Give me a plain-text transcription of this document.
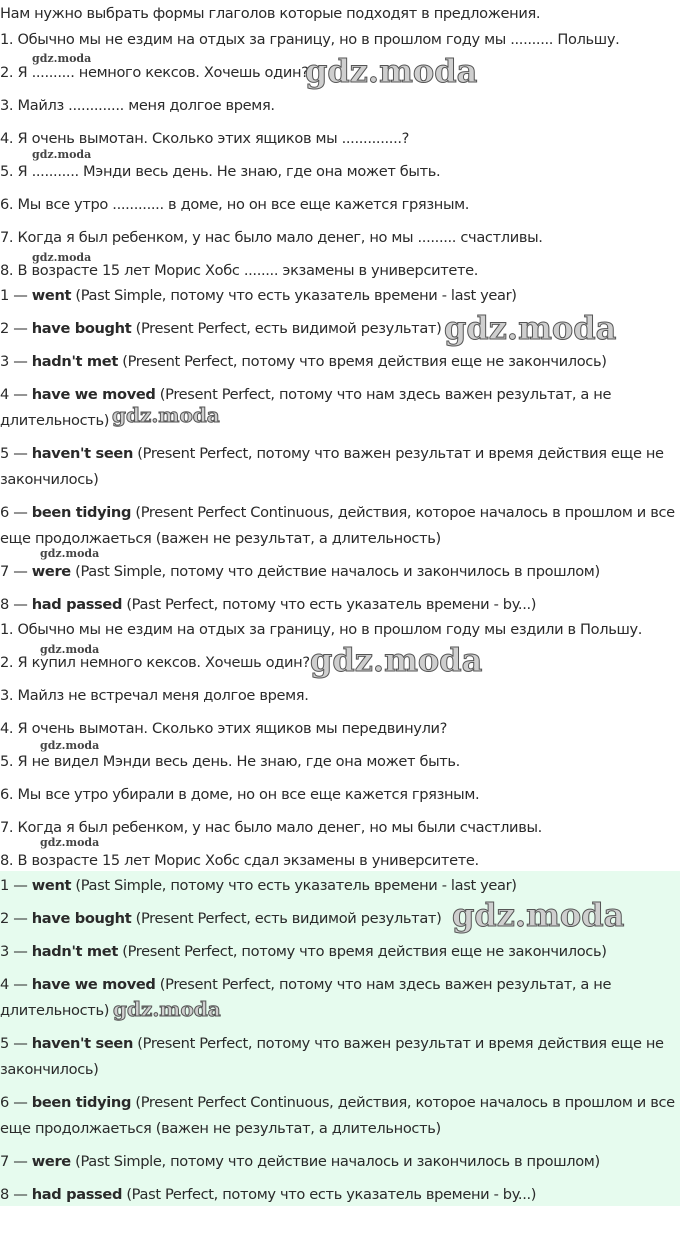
Нам нужно выбрать формы глаголов которые подходят в предложения.

1. Обычно мы не ездим на отдых за границу, но в прошлом году мы .......... Польшу.

2. Я .......... немного кексов. Хочешь один?

3. Майлз ............. меня долгое время.

4. Я очень вымотан. Сколько этих ящиков мы ..............?

5. Я ........... Мэнди весь день. Не знаю, где она может быть.

6. Мы все утро ............ в доме, но он все еще кажется грязным.

7. Когда я был ребенком, у нас было мало денег, но мы ......... счастливы.

8. В возрасте 15 лет Морис Хобс ........ экзамены в университете.

1 — went (Past Simple, потому что есть указатель времени - last year)

2 — have bought (Present Perfect, есть видимой результат)

3 — hadn't met (Present Perfect, потому что время действия еще не закончилось)

4 — have we moved (Present Perfect, потому что нам здесь важен результат, а не длительность)

5 — haven't seen (Present Perfect, потому что важен результат и время действия еще не закончилось)

6 — been tidying (Present Perfect Continuous, действия, которое началось в прошлом и все еще продолжаеться (важен не результат, а длительность)

7 — were (Past Simple, потому что действие началось и закончилось в прошлом)

8 — had passed (Past Perfect, потому что есть указатель времени - by...)

1. Обычно мы не ездим на отдых за границу, но в прошлом году мы ездили в Польшу.

2. Я купил немного кексов. Хочешь один?

3. Майлз не встречал меня долгое время.

4. Я очень вымотан. Сколько этих ящиков мы передвинули?

5. Я не видел Мэнди весь день. Не знаю, где она может быть.

6. Мы все утро убирали в доме, но он все еще кажется грязным.

7. Когда я был ребенком, у нас было мало денег, но мы были счастливы.

8. В возрасте 15 лет Морис Хобс сдал экзамены в университете.

1 — went (Past Simple, потому что есть указатель времени - last year)

2 — have bought (Present Perfect, есть видимой результат)

3 — hadn't met (Present Perfect, потому что время действия еще не закончилось)

4 — have we moved (Present Perfect, потому что нам здесь важен результат, а не длительность)

5 — haven't seen (Present Perfect, потому что важен результат и время действия еще не закончилось)

6 — been tidying (Present Perfect Continuous, действия, которое началось в прошлом и все еще продолжаеться (важен не результат, а длительность)

7 — were (Past Simple, потому что действие началось и закончилось в прошлом)

8 — had passed (Past Perfect, потому что есть указатель времени - by...)

gdz.moda	gdz.moda
gdz.moda
gdz.moda
gdz.moda
gdz.moda
gdz.moda
gdz.moda	gdz.moda
gdz.moda
gdz.moda
gdz.moda
gdz.moda
